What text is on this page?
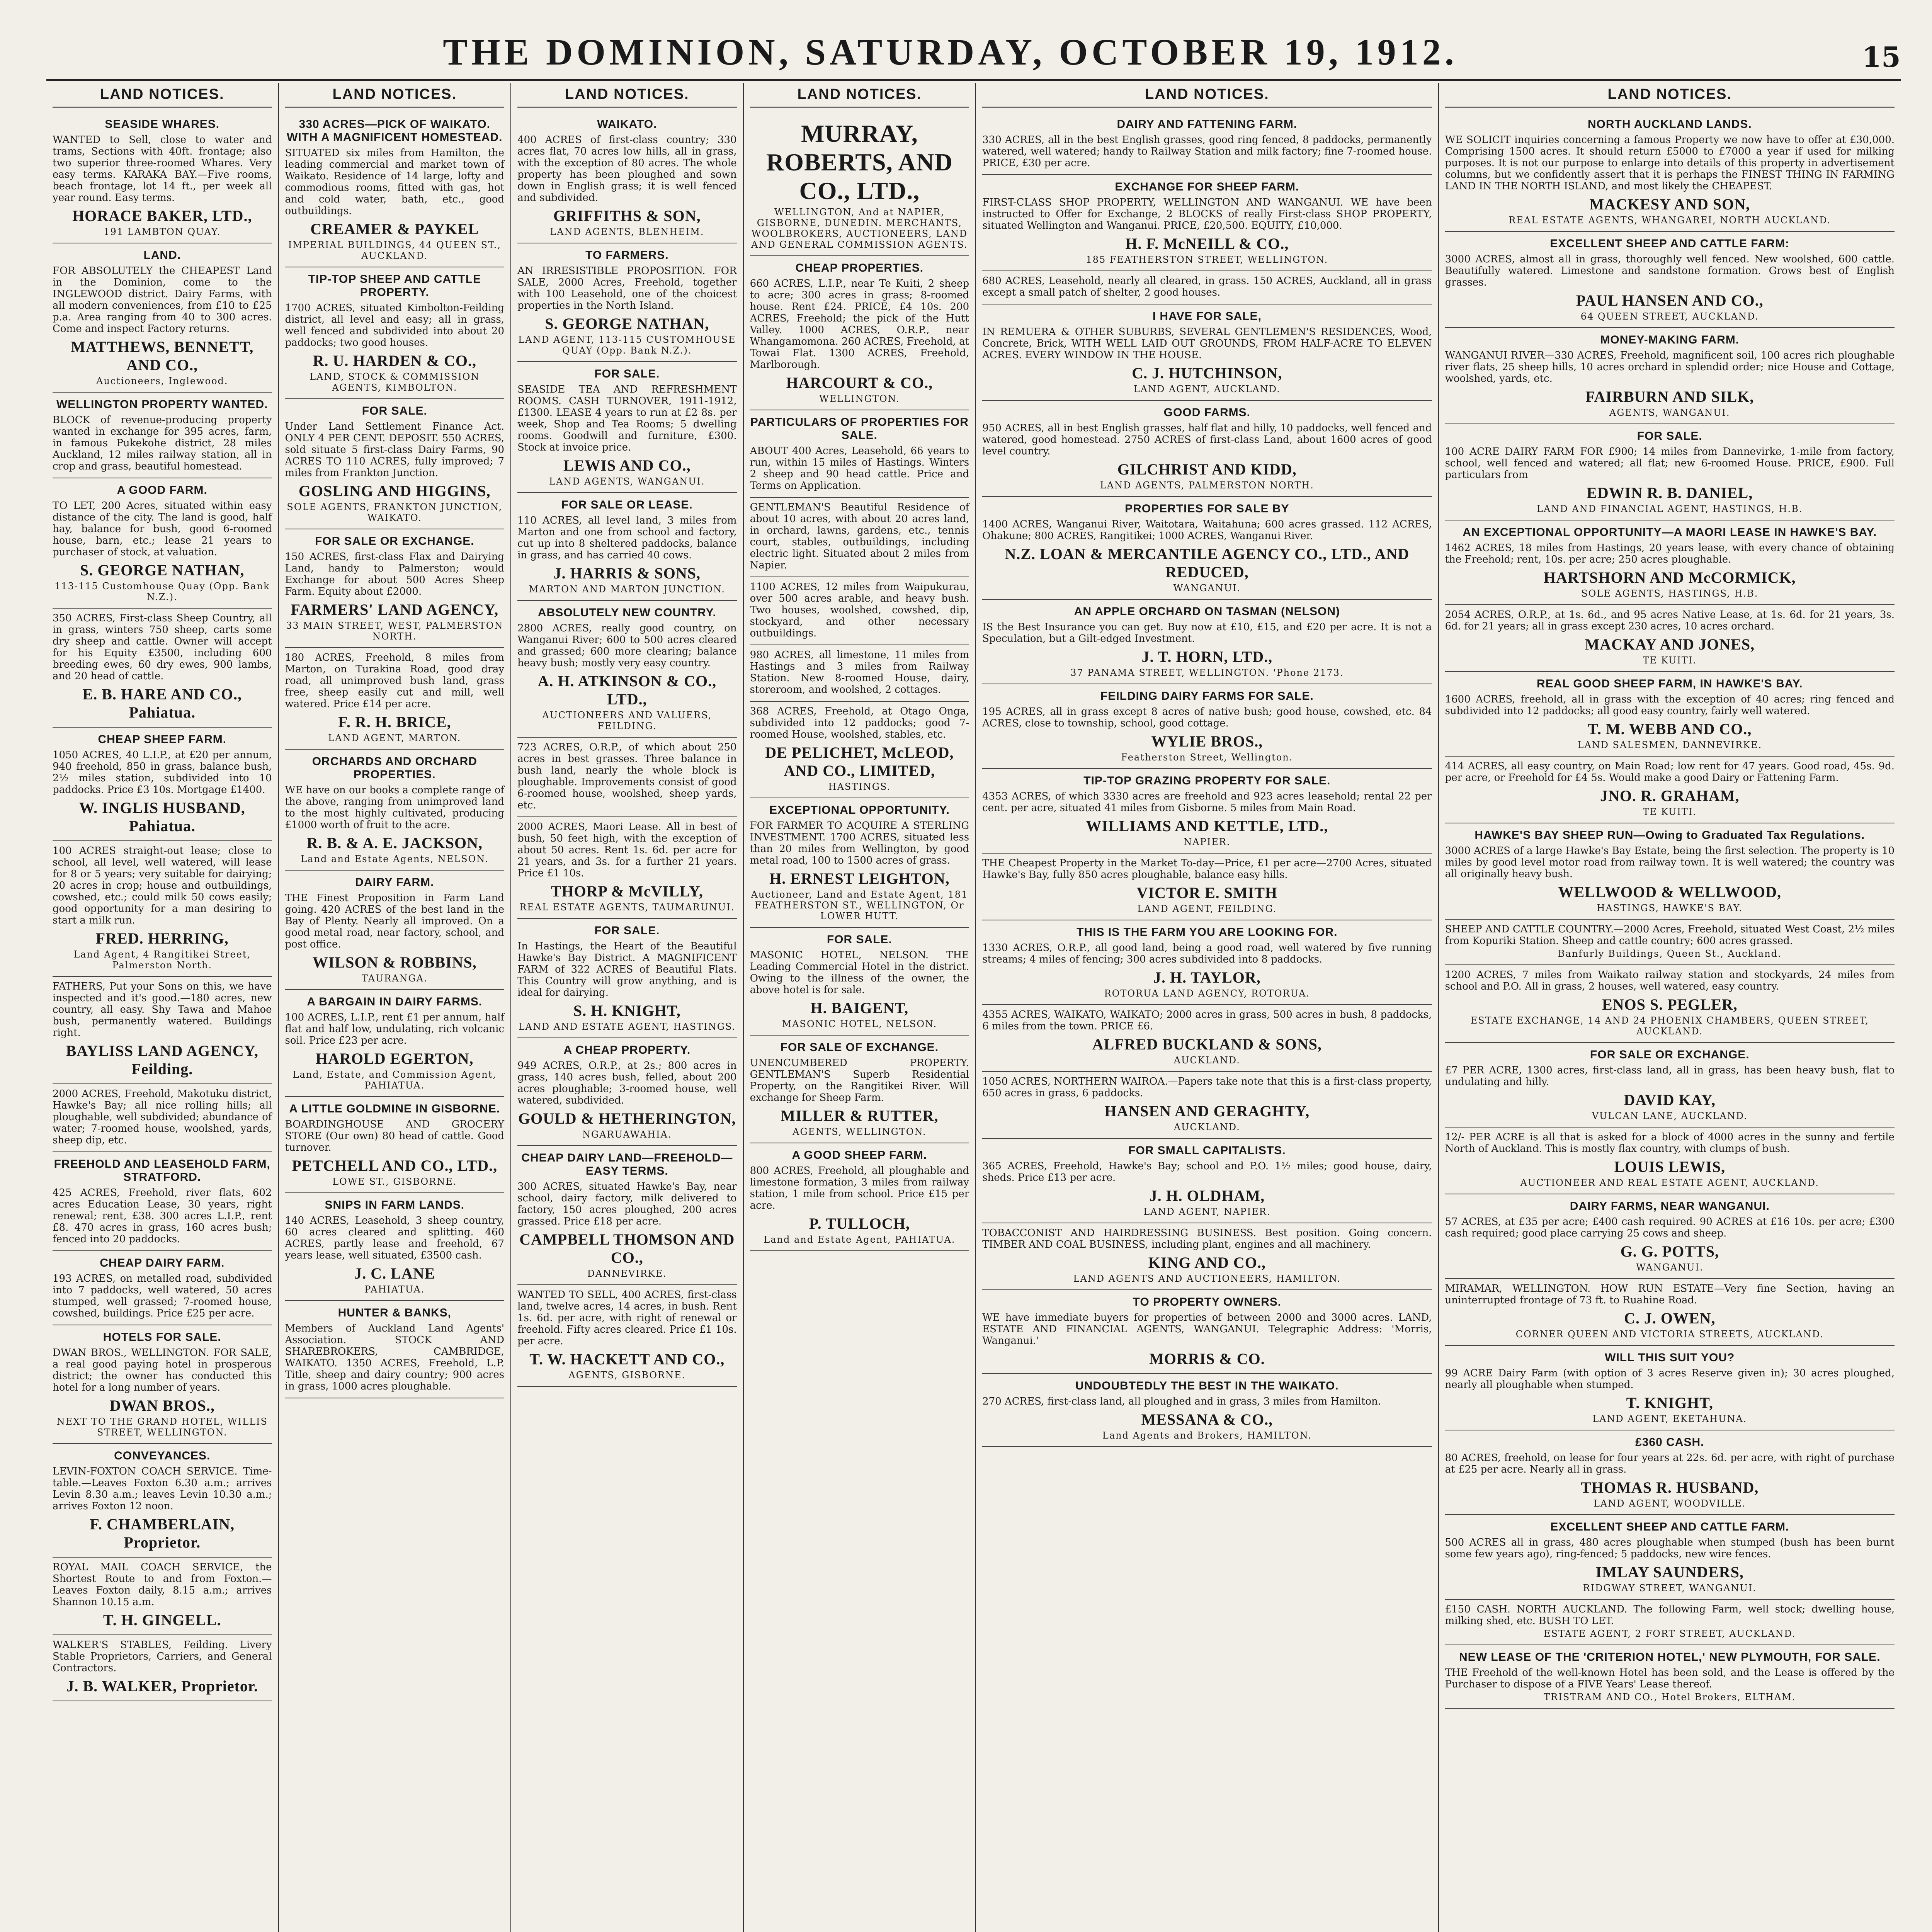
THE DOMINION, SATURDAY, OCTOBER 19, 1912.	15
LAND NOTICES.
SEASIDE WHARES.
WANTED to Sell, close to water and trams, Sections with 40ft. frontage; also two superior three-roomed Whares. Very easy terms. KARAKA BAY.—Five rooms, beach frontage, lot 14 ft., per week all year round. Easy terms.
HORACE BAKER, LTD.,
191 LAMBTON QUAY.
LAND.
FOR ABSOLUTELY the CHEAPEST Land in the Dominion, come to the INGLEWOOD district. Dairy Farms, with all modern conveniences, from £10 to £25 p.a. Area ranging from 40 to 300 acres. Come and inspect Factory returns.
MATTHEWS, BENNETT, AND CO.,
Auctioneers, Inglewood.
WELLINGTON PROPERTY WANTED.
BLOCK of revenue-producing property wanted in exchange for 395 acres, farm, in famous Pukekohe district, 28 miles Auckland, 12 miles railway station, all in crop and grass, beautiful homestead.
A GOOD FARM.
TO LET, 200 Acres, situated within easy distance of the city. The land is good, half hay, balance for bush, good 6-roomed house, barn, etc.; lease 21 years to purchaser of stock, at valuation.
S. GEORGE NATHAN,
113-115 Customhouse Quay (Opp. Bank N.Z.).
350 ACRES, First-class Sheep Country, all in grass, winters 750 sheep, carts some dry sheep and cattle. Owner will accept for his Equity £3500, including 600 breeding ewes, 60 dry ewes, 900 lambs, and 20 head of cattle.
E. B. HARE AND CO., Pahiatua.
CHEAP SHEEP FARM.
1050 ACRES, 40 L.I.P., at £20 per annum, 940 freehold, 850 in grass, balance bush, 2½ miles station, subdivided into 10 paddocks. Price £3 10s. Mortgage £1400.
W. INGLIS HUSBAND, Pahiatua.
100 ACRES straight-out lease; close to school, all level, well watered, will lease for 8 or 5 years; very suitable for dairying; 20 acres in crop; house and outbuildings, cowshed, etc.; could milk 50 cows easily; good opportunity for a man desiring to start a milk run.
FRED. HERRING,
Land Agent, 4 Rangitikei Street, Palmerston North.
FATHERS, Put your Sons on this, we have inspected and it's good.—180 acres, new country, all easy. Shy Tawa and Mahoe bush, permanently watered. Buildings right.
BAYLISS LAND AGENCY, Feilding.
2000 ACRES, Freehold, Makotuku district, Hawke's Bay; all nice rolling hills; all ploughable, well subdivided; abundance of water; 7-roomed house, woolshed, yards, sheep dip, etc.
FREEHOLD AND LEASEHOLD FARM, STRATFORD.
425 ACRES, Freehold, river flats, 602 acres Education Lease, 30 years, right renewal; rent, £38. 300 acres L.I.P., rent £8. 470 acres in grass, 160 acres bush; fenced into 20 paddocks.
CHEAP DAIRY FARM.
193 ACRES, on metalled road, subdivided into 7 paddocks, well watered, 50 acres stumped, well grassed; 7-roomed house, cowshed, buildings. Price £25 per acre.
HOTELS FOR SALE.
DWAN BROS., WELLINGTON. FOR SALE, a real good paying hotel in prosperous district; the owner has conducted this hotel for a long number of years.
DWAN BROS.,
NEXT TO THE GRAND HOTEL, WILLIS STREET, WELLINGTON.
CONVEYANCES.
LEVIN-FOXTON COACH SERVICE. Time-table.—Leaves Foxton 6.30 a.m.; arrives Levin 8.30 a.m.; leaves Levin 10.30 a.m.; arrives Foxton 12 noon.
F. CHAMBERLAIN, Proprietor.
ROYAL MAIL COACH SERVICE, the Shortest Route to and from Foxton.—Leaves Foxton daily, 8.15 a.m.; arrives Shannon 10.15 a.m.
T. H. GINGELL.
WALKER'S STABLES, Feilding. Livery Stable Proprietors, Carriers, and General Contractors.
J. B. WALKER, Proprietor.
LAND NOTICES.
330 ACRES—PICK OF WAIKATO. WITH A MAGNIFICENT HOMESTEAD.
SITUATED six miles from Hamilton, the leading commercial and market town of Waikato. Residence of 14 large, lofty and commodious rooms, fitted with gas, hot and cold water, bath, etc., good outbuildings.
CREAMER & PAYKEL
IMPERIAL BUILDINGS, 44 QUEEN ST., AUCKLAND.
TIP-TOP SHEEP AND CATTLE PROPERTY.
1700 ACRES, situated Kimbolton-Feilding district, all level and easy; all in grass, well fenced and subdivided into about 20 paddocks; two good houses.
R. U. HARDEN & CO.,
LAND, STOCK & COMMISSION AGENTS, KIMBOLTON.
FOR SALE.
Under Land Settlement Finance Act. ONLY 4 PER CENT. DEPOSIT. 550 ACRES, sold situate 5 first-class Dairy Farms, 90 ACRES TO 110 ACRES, fully improved; 7 miles from Frankton Junction.
GOSLING AND HIGGINS,
SOLE AGENTS, FRANKTON JUNCTION, WAIKATO.
FOR SALE OR EXCHANGE.
150 ACRES, first-class Flax and Dairying Land, handy to Palmerston; would Exchange for about 500 Acres Sheep Farm. Equity about £2000.
FARMERS' LAND AGENCY,
33 MAIN STREET, WEST, PALMERSTON NORTH.
180 ACRES, Freehold, 8 miles from Marton, on Turakina Road, good dray road, all unimproved bush land, grass free, sheep easily cut and mill, well watered. Price £14 per acre.
F. R. H. BRICE,
LAND AGENT, MARTON.
ORCHARDS AND ORCHARD PROPERTIES.
WE have on our books a complete range of the above, ranging from unimproved land to the most highly cultivated, producing £1000 worth of fruit to the acre.
R. B. & A. E. JACKSON,
Land and Estate Agents, NELSON.
DAIRY FARM.
THE Finest Proposition in Farm Land going. 420 ACRES of the best land in the Bay of Plenty. Nearly all improved. On a good metal road, near factory, school, and post office.
WILSON & ROBBINS,
TAURANGA.
A BARGAIN IN DAIRY FARMS.
100 ACRES, L.I.P., rent £1 per annum, half flat and half low, undulating, rich volcanic soil. Price £23 per acre.
HAROLD EGERTON,
Land, Estate, and Commission Agent, PAHIATUA.
A LITTLE GOLDMINE IN GISBORNE.
BOARDINGHOUSE AND GROCERY STORE (Our own) 80 head of cattle. Good turnover.
PETCHELL AND CO., LTD.,
LOWE ST., GISBORNE.
SNIPS IN FARM LANDS.
140 ACRES, Leasehold, 3 sheep country, 60 acres cleared and splitting. 460 ACRES, partly lease and freehold, 67 years lease, well situated, £3500 cash.
J. C. LANE
PAHIATUA.
HUNTER & BANKS,
Members of Auckland Land Agents' Association. STOCK AND SHAREBROKERS, CAMBRIDGE, WAIKATO. 1350 ACRES, Freehold, L.P. Title, sheep and dairy country; 900 acres in grass, 1000 acres ploughable.
LAND NOTICES.
WAIKATO.
400 ACRES of first-class country; 330 acres flat, 70 acres low hills, all in grass, with the exception of 80 acres. The whole property has been ploughed and sown down in English grass; it is well fenced and subdivided.
GRIFFITHS & SON,
LAND AGENTS, BLENHEIM.
TO FARMERS.
AN IRRESISTIBLE PROPOSITION. FOR SALE, 2000 Acres, Freehold, together with 100 Leasehold, one of the choicest properties in the North Island.
S. GEORGE NATHAN,
LAND AGENT, 113-115 CUSTOMHOUSE QUAY (Opp. Bank N.Z.).
FOR SALE.
SEASIDE TEA AND REFRESHMENT ROOMS. CASH TURNOVER, 1911-1912, £1300. LEASE 4 years to run at £2 8s. per week, Shop and Tea Rooms; 5 dwelling rooms. Goodwill and furniture, £300. Stock at invoice price.
LEWIS AND CO.,
LAND AGENTS, WANGANUI.
FOR SALE OR LEASE.
110 ACRES, all level land, 3 miles from Marton and one from school and factory, cut up into 8 sheltered paddocks, balance in grass, and has carried 40 cows.
J. HARRIS & SONS,
MARTON AND MARTON JUNCTION.
ABSOLUTELY NEW COUNTRY.
2800 ACRES, really good country, on Wanganui River; 600 to 500 acres cleared and grassed; 600 more clearing; balance heavy bush; mostly very easy country.
A. H. ATKINSON & CO., LTD.,
AUCTIONEERS AND VALUERS, FEILDING.
723 ACRES, O.R.P., of which about 250 acres in best grasses. Three balance in bush land, nearly the whole block is ploughable. Improvements consist of good 6-roomed house, woolshed, sheep yards, etc.
2000 ACRES, Maori Lease. All in best of bush, 50 feet high, with the exception of about 50 acres. Rent 1s. 6d. per acre for 21 years, and 3s. for a further 21 years. Price £1 10s.
THORP & McVILLY,
REAL ESTATE AGENTS, TAUMARUNUI.
FOR SALE.
In Hastings, the Heart of the Beautiful Hawke's Bay District. A MAGNIFICENT FARM of 322 ACRES of Beautiful Flats. This Country will grow anything, and is ideal for dairying.
S. H. KNIGHT,
LAND AND ESTATE AGENT, HASTINGS.
A CHEAP PROPERTY.
949 ACRES, O.R.P., at 2s.; 800 acres in grass, 140 acres bush, felled, about 200 acres ploughable; 3-roomed house, well watered, subdivided.
GOULD & HETHERINGTON,
NGARUAWAHIA.
CHEAP DAIRY LAND—FREEHOLD—EASY TERMS.
300 ACRES, situated Hawke's Bay, near school, dairy factory, milk delivered to factory, 150 acres ploughed, 200 acres grassed. Price £18 per acre.
CAMPBELL THOMSON AND CO.,
DANNEVIRKE.
WANTED TO SELL, 400 ACRES, first-class land, twelve acres, 14 acres, in bush. Rent 1s. 6d. per acre, with right of renewal or freehold. Fifty acres cleared. Price £1 10s. per acre.
T. W. HACKETT AND CO.,
AGENTS, GISBORNE.
LAND NOTICES.
MURRAY, ROBERTS, AND CO., LTD.,
WELLINGTON, And at NAPIER, GISBORNE, DUNEDIN. MERCHANTS, WOOLBROKERS, AUCTIONEERS, LAND AND GENERAL COMMISSION AGENTS.
CHEAP PROPERTIES.
660 ACRES, L.I.P., near Te Kuiti, 2 sheep to acre; 300 acres in grass; 8-roomed house. Rent £24. PRICE, £4 10s. 200 ACRES, Freehold; the pick of the Hutt Valley. 1000 ACRES, O.R.P., near Whangamomona. 260 ACRES, Freehold, at Towai Flat. 1300 ACRES, Freehold, Marlborough.
HARCOURT & CO.,
WELLINGTON.
PARTICULARS OF PROPERTIES FOR SALE.
ABOUT 400 Acres, Leasehold, 66 years to run, within 15 miles of Hastings. Winters 2 sheep and 90 head cattle. Price and Terms on Application.
GENTLEMAN'S Beautiful Residence of about 10 acres, with about 20 acres land, in orchard, lawns, gardens, etc., tennis court, stables, outbuildings, including electric light. Situated about 2 miles from Napier.
1100 ACRES, 12 miles from Waipukurau, over 500 acres arable, and heavy bush. Two houses, woolshed, cowshed, dip, stockyard, and other necessary outbuildings.
980 ACRES, all limestone, 11 miles from Hastings and 3 miles from Railway Station. New 8-roomed House, dairy, storeroom, and woolshed, 2 cottages.
368 ACRES, Freehold, at Otago Onga, subdivided into 12 paddocks; good 7-roomed House, woolshed, stables, etc.
DE PELICHET, McLEOD, AND CO., LIMITED,
HASTINGS.
EXCEPTIONAL OPPORTUNITY.
FOR FARMER TO ACQUIRE A STERLING INVESTMENT. 1700 ACRES, situated less than 20 miles from Wellington, by good metal road, 100 to 1500 acres of grass.
H. ERNEST LEIGHTON,
Auctioneer, Land and Estate Agent, 181 FEATHERSTON ST., WELLINGTON, Or LOWER HUTT.
FOR SALE.
MASONIC HOTEL, NELSON. THE Leading Commercial Hotel in the district. Owing to the illness of the owner, the above hotel is for sale.
H. BAIGENT,
MASONIC HOTEL, NELSON.
FOR SALE OF EXCHANGE.
UNENCUMBERED PROPERTY. GENTLEMAN'S Superb Residential Property, on the Rangitikei River. Will exchange for Sheep Farm.
MILLER & RUTTER,
AGENTS, WELLINGTON.
A GOOD SHEEP FARM.
800 ACRES, Freehold, all ploughable and limestone formation, 3 miles from railway station, 1 mile from school. Price £15 per acre.
P. TULLOCH,
Land and Estate Agent, PAHIATUA.
LAND NOTICES.
DAIRY AND FATTENING FARM.
330 ACRES, all in the best English grasses, good ring fenced, 8 paddocks, permanently watered, well watered; handy to Railway Station and milk factory; fine 7-roomed house. PRICE, £30 per acre.
EXCHANGE FOR SHEEP FARM.
FIRST-CLASS SHOP PROPERTY, WELLINGTON AND WANGANUI. WE have been instructed to Offer for Exchange, 2 BLOCKS of really First-class SHOP PROPERTY, situated Wellington and Wanganui. PRICE, £20,500. EQUITY, £10,000.
H. F. McNEILL & CO.,
185 FEATHERSTON STREET, WELLINGTON.
680 ACRES, Leasehold, nearly all cleared, in grass. 150 ACRES, Auckland, all in grass except a small patch of shelter, 2 good houses.
I HAVE FOR SALE,
IN REMUERA & OTHER SUBURBS, SEVERAL GENTLEMEN'S RESIDENCES, Wood, Concrete, Brick, WITH WELL LAID OUT GROUNDS, FROM HALF-ACRE TO ELEVEN ACRES. EVERY WINDOW IN THE HOUSE.
C. J. HUTCHINSON,
LAND AGENT, AUCKLAND.
GOOD FARMS.
950 ACRES, all in best English grasses, half flat and hilly, 10 paddocks, well fenced and watered, good homestead. 2750 ACRES of first-class Land, about 1600 acres of good level country.
GILCHRIST AND KIDD,
LAND AGENTS, PALMERSTON NORTH.
PROPERTIES FOR SALE BY
1400 ACRES, Wanganui River, Waitotara, Waitahuna; 600 acres grassed. 112 ACRES, Ohakune; 800 ACRES, Rangitikei; 1000 ACRES, Wanganui River.
N.Z. LOAN & MERCANTILE AGENCY CO., LTD., AND REDUCED,
WANGANUI.
AN APPLE ORCHARD ON TASMAN (NELSON)
IS the Best Insurance you can get. Buy now at £10, £15, and £20 per acre. It is not a Speculation, but a Gilt-edged Investment.
J. T. HORN, LTD.,
37 PANAMA STREET, WELLINGTON. 'Phone 2173.
FEILDING DAIRY FARMS FOR SALE.
195 ACRES, all in grass except 8 acres of native bush; good house, cowshed, etc. 84 ACRES, close to township, school, good cottage.
WYLIE BROS.,
Featherston Street, Wellington.
TIP-TOP GRAZING PROPERTY FOR SALE.
4353 ACRES, of which 3330 acres are freehold and 923 acres leasehold; rental 22 per cent. per acre, situated 41 miles from Gisborne. 5 miles from Main Road.
WILLIAMS AND KETTLE, LTD.,
NAPIER.
THE Cheapest Property in the Market To-day—Price, £1 per acre—2700 Acres, situated Hawke's Bay, fully 850 acres ploughable, balance easy hills.
VICTOR E. SMITH
LAND AGENT, FEILDING.
THIS IS THE FARM YOU ARE LOOKING FOR.
1330 ACRES, O.R.P., all good land, being a good road, well watered by five running streams; 4 miles of fencing; 300 acres subdivided into 8 paddocks.
J. H. TAYLOR,
ROTORUA LAND AGENCY, ROTORUA.
4355 ACRES, WAIKATO, WAIKATO; 2000 acres in grass, 500 acres in bush, 8 paddocks, 6 miles from the town. PRICE £6.
ALFRED BUCKLAND & SONS,
AUCKLAND.
1050 ACRES, NORTHERN WAIROA.—Papers take note that this is a first-class property, 650 acres in grass, 6 paddocks.
HANSEN AND GERAGHTY,
AUCKLAND.
FOR SMALL CAPITALISTS.
365 ACRES, Freehold, Hawke's Bay; school and P.O. 1½ miles; good house, dairy, sheds. Price £13 per acre.
J. H. OLDHAM,
LAND AGENT, NAPIER.
TOBACCONIST AND HAIRDRESSING BUSINESS. Best position. Going concern. TIMBER AND COAL BUSINESS, including plant, engines and all machinery.
KING AND CO.,
LAND AGENTS AND AUCTIONEERS, HAMILTON.
TO PROPERTY OWNERS.
WE have immediate buyers for properties of between 2000 and 3000 acres. LAND, ESTATE AND FINANCIAL AGENTS, WANGANUI. Telegraphic Address: 'Morris, Wanganui.'
MORRIS & CO.
UNDOUBTEDLY THE BEST IN THE WAIKATO.
270 ACRES, first-class land, all ploughed and in grass, 3 miles from Hamilton.
MESSANA & CO.,
Land Agents and Brokers, HAMILTON.
LAND NOTICES.
NORTH AUCKLAND LANDS.
WE SOLICIT inquiries concerning a famous Property we now have to offer at £30,000. Comprising 1500 acres. It should return £5000 to £7000 a year if used for milking purposes. It is not our purpose to enlarge into details of this property in advertisement columns, but we confidently assert that it is perhaps the FINEST THING IN FARMING LAND IN THE NORTH ISLAND, and most likely the CHEAPEST.
MACKESY AND SON,
REAL ESTATE AGENTS, WHANGAREI, NORTH AUCKLAND.
EXCELLENT SHEEP AND CATTLE FARM:
3000 ACRES, almost all in grass, thoroughly well fenced. New woolshed, 600 cattle. Beautifully watered. Limestone and sandstone formation. Grows best of English grasses.
PAUL HANSEN AND CO.,
64 QUEEN STREET, AUCKLAND.
MONEY-MAKING FARM.
WANGANUI RIVER—330 ACRES, Freehold, magnificent soil, 100 acres rich ploughable river flats, 25 sheep hills, 10 acres orchard in splendid order; nice House and Cottage, woolshed, yards, etc.
FAIRBURN AND SILK,
AGENTS, WANGANUI.
FOR SALE.
100 ACRE DAIRY FARM FOR £900; 14 miles from Dannevirke, 1-mile from factory, school, well fenced and watered; all flat; new 6-roomed House. PRICE, £900. Full particulars from
EDWIN R. B. DANIEL,
LAND AND FINANCIAL AGENT, HASTINGS, H.B.
AN EXCEPTIONAL OPPORTUNITY—A MAORI LEASE IN HAWKE'S BAY.
1462 ACRES, 18 miles from Hastings, 20 years lease, with every chance of obtaining the Freehold; rent, 10s. per acre; 250 acres ploughable.
HARTSHORN AND McCORMICK,
SOLE AGENTS, HASTINGS, H.B.
2054 ACRES, O.R.P., at 1s. 6d., and 95 acres Native Lease, at 1s. 6d. for 21 years, 3s. 6d. for 21 years; all in grass except 230 acres, 10 acres orchard.
MACKAY AND JONES,
TE KUITI.
REAL GOOD SHEEP FARM, IN HAWKE'S BAY.
1600 ACRES, freehold, all in grass with the exception of 40 acres; ring fenced and subdivided into 12 paddocks; all good easy country, fairly well watered.
T. M. WEBB AND CO.,
LAND SALESMEN, DANNEVIRKE.
414 ACRES, all easy country, on Main Road; low rent for 47 years. Good road, 45s. 9d. per acre, or Freehold for £4 5s. Would make a good Dairy or Fattening Farm.
JNO. R. GRAHAM,
TE KUITI.
HAWKE'S BAY SHEEP RUN—Owing to Graduated Tax Regulations.
3000 ACRES of a large Hawke's Bay Estate, being the first selection. The property is 10 miles by good level motor road from railway town. It is well watered; the country was all originally heavy bush.
WELLWOOD & WELLWOOD,
HASTINGS, HAWKE'S BAY.
SHEEP AND CATTLE COUNTRY.—2000 Acres, Freehold, situated West Coast, 2½ miles from Kopuriki Station. Sheep and cattle country; 600 acres grassed.
Banfurly Buildings, Queen St., Auckland.
1200 ACRES, 7 miles from Waikato railway station and stockyards, 24 miles from school and P.O. All in grass, 2 houses, well watered, easy country.
ENOS S. PEGLER,
ESTATE EXCHANGE, 14 AND 24 PHOENIX CHAMBERS, QUEEN STREET, AUCKLAND.
FOR SALE OR EXCHANGE.
£7 PER ACRE, 1300 acres, first-class land, all in grass, has been heavy bush, flat to undulating and hilly.
DAVID KAY,
VULCAN LANE, AUCKLAND.
12/- PER ACRE is all that is asked for a block of 4000 acres in the sunny and fertile North of Auckland. This is mostly flax country, with clumps of bush.
LOUIS LEWIS,
AUCTIONEER AND REAL ESTATE AGENT, AUCKLAND.
DAIRY FARMS, NEAR WANGANUI.
57 ACRES, at £35 per acre; £400 cash required. 90 ACRES at £16 10s. per acre; £300 cash required; good place carrying 25 cows and sheep.
G. G. POTTS,
WANGANUI.
MIRAMAR, WELLINGTON. HOW RUN ESTATE—Very fine Section, having an uninterrupted frontage of 73 ft. to Ruahine Road.
C. J. OWEN,
CORNER QUEEN AND VICTORIA STREETS, AUCKLAND.
WILL THIS SUIT YOU?
99 ACRE Dairy Farm (with option of 3 acres Reserve given in); 30 acres ploughed, nearly all ploughable when stumped.
T. KNIGHT,
LAND AGENT, EKETAHUNA.
£360 CASH.
80 ACRES, freehold, on lease for four years at 22s. 6d. per acre, with right of purchase at £25 per acre. Nearly all in grass.
THOMAS R. HUSBAND,
LAND AGENT, WOODVILLE.
EXCELLENT SHEEP AND CATTLE FARM.
500 ACRES all in grass, 480 acres ploughable when stumped (bush has been burnt some few years ago), ring-fenced; 5 paddocks, new wire fences.
IMLAY SAUNDERS,
RIDGWAY STREET, WANGANUI.
£150 CASH. NORTH AUCKLAND. The following Farm, well stock; dwelling house, milking shed, etc. BUSH TO LET.
ESTATE AGENT, 2 FORT STREET, AUCKLAND.
NEW LEASE OF THE 'CRITERION HOTEL,' NEW PLYMOUTH, FOR SALE.
THE Freehold of the well-known Hotel has been sold, and the Lease is offered by the Purchaser to dispose of a FIVE Years' Lease thereof.
TRISTRAM AND CO., Hotel Brokers, ELTHAM.
